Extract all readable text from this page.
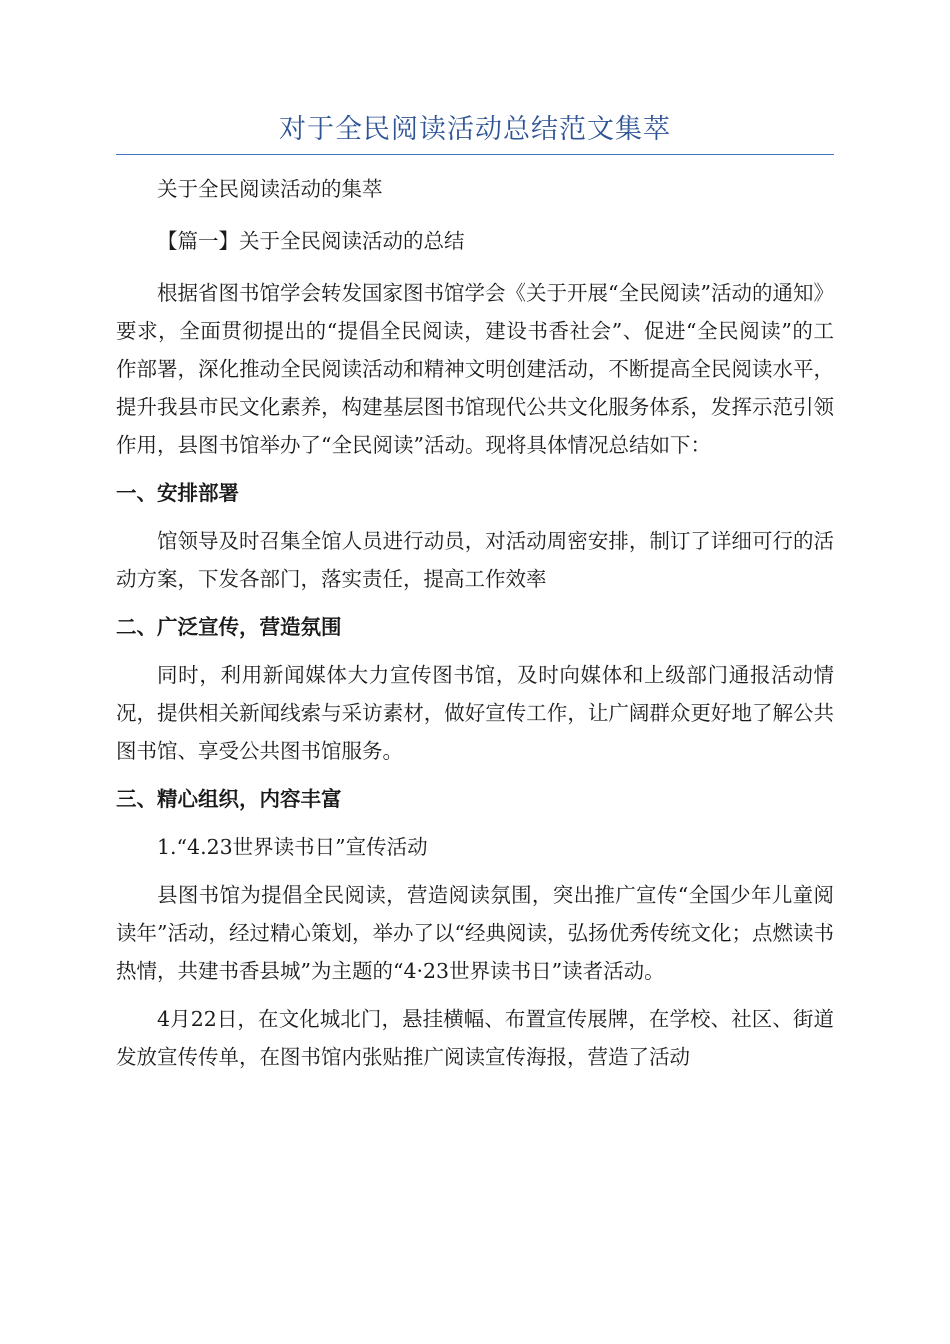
对于全民阅读活动总结范文集萃

关于全民阅读活动的集萃

【篇一】关于全民阅读活动的总结

根据省图书馆学会转发国家图书馆学会《关于开展“全民阅读”活动的通知》要求，全面贯彻提出的“提倡全民阅读，建设书香社会”、促进“全民阅读”的工作部署，深化推动全民阅读活动和精神文明创建活动，不断提高全民阅读水平，提升我县市民文化素养，构建基层图书馆现代公共文化服务体系，发挥示范引领作用，县图书馆举办了“全民阅读”活动。现将具体情况总结如下：

一、安排部署

馆领导及时召集全馆人员进行动员，对活动周密安排，制订了详细可行的活动方案，下发各部门，落实责任，提高工作效率

二、广泛宣传，营造氛围

同时，利用新闻媒体大力宣传图书馆，及时向媒体和上级部门通报活动情况，提供相关新闻线索与采访素材，做好宣传工作，让广阔群众更好地了解公共图书馆、享受公共图书馆服务。

三、精心组织，内容丰富

1.“4.23世界读书日”宣传活动

县图书馆为提倡全民阅读，营造阅读氛围，突出推广宣传“全国少年儿童阅读年”活动，经过精心策划，举办了以“经典阅读，弘扬优秀传统文化；点燃读书热情，共建书香县城”为主题的“4·23世界读书日”读者活动。

4月22日，在文化城北门，悬挂横幅、布置宣传展牌，在学校、社区、街道发放宣传传单，在图书馆内张贴推广阅读宣传海报，营造了活动
